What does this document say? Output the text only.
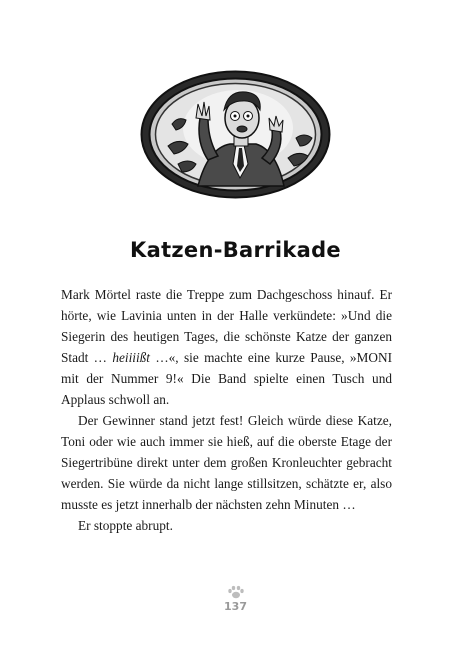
Katzen-Barrikade

Mark Mörtel raste die Treppe zum Dachgeschoss hinauf. Er hörte, wie Lavinia unten in der Halle verkündete: »Und die Siegerin des heutigen Tages, die schönste Katze der ganzen Stadt … heiiiißt …«, sie machte eine kurze Pause, »MONI mit der Nummer 9!« Die Band spielte einen Tusch und Applaus schwoll an.

Der Gewinner stand jetzt fest! Gleich würde diese Katze, Toni oder wie auch immer sie hieß, auf die oberste Etage der Siegertribüne direkt unter dem großen Kronleuchter gebracht werden. Sie würde da nicht lange stillsitzen, schätzte er, also musste es jetzt innerhalb der nächsten zehn Minuten …

Er stoppte abrupt.

137
